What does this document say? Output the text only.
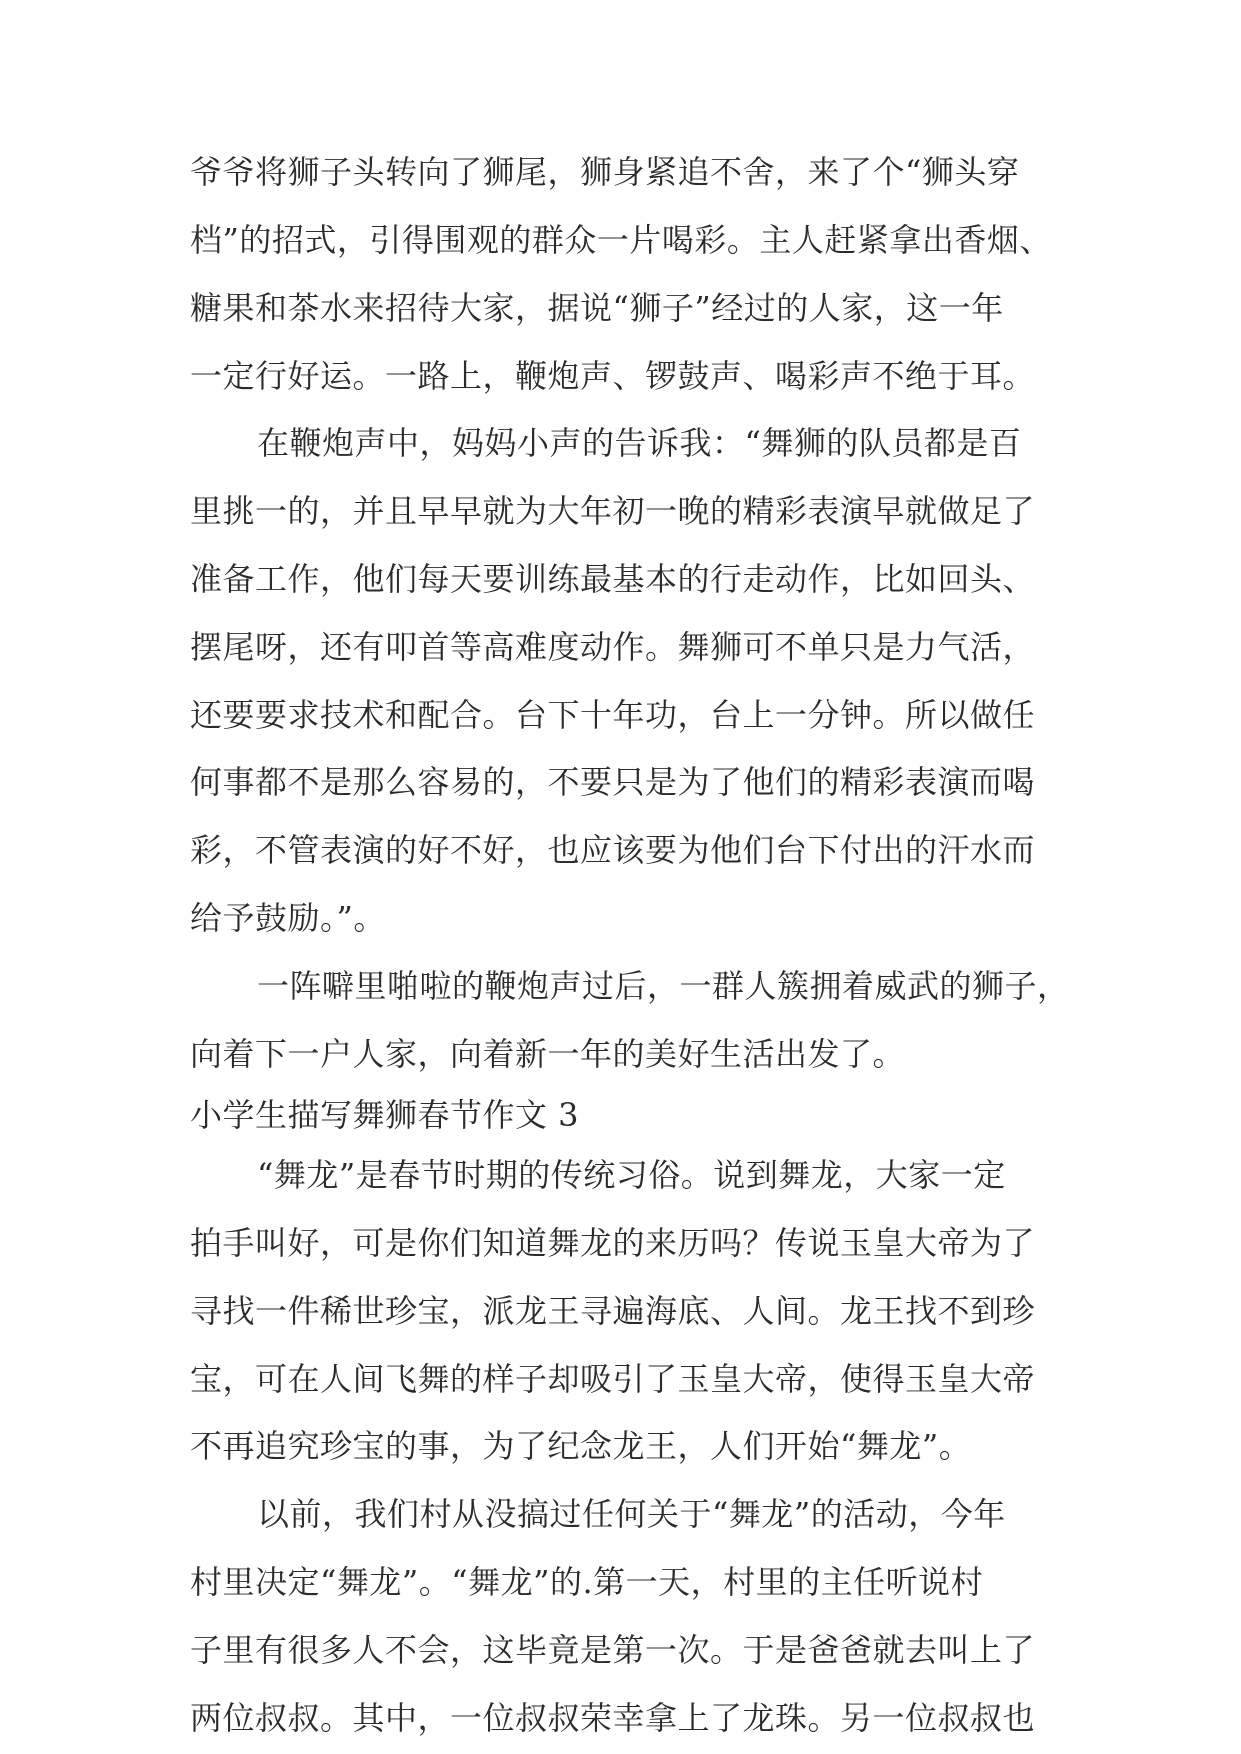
爷爷将狮子头转向了狮尾，狮身紧追不舍，来了个“狮头穿
档”的招式，引得围观的群众一片喝彩。主人赶紧拿出香烟、
糖果和茶水来招待大家，据说“狮子”经过的人家，这一年
一定行好运。一路上，鞭炮声、锣鼓声、喝彩声不绝于耳。
在鞭炮声中，妈妈小声的告诉我：“舞狮的队员都是百
里挑一的，并且早早就为大年初一晚的精彩表演早就做足了
准备工作，他们每天要训练最基本的行走动作，比如回头、
摆尾呀，还有叩首等高难度动作。舞狮可不单只是力气活，
还要要求技术和配合。台下十年功，台上一分钟。所以做任
何事都不是那么容易的，不要只是为了他们的精彩表演而喝
彩，不管表演的好不好，也应该要为他们台下付出的汗水而
给予鼓励。”。
一阵噼里啪啦的鞭炮声过后，一群人簇拥着威武的狮子，
向着下一户人家，向着新一年的美好生活出发了。
小学生描写舞狮春节作文 3
“舞龙”是春节时期的传统习俗。说到舞龙，大家一定
拍手叫好，可是你们知道舞龙的来历吗？传说玉皇大帝为了
寻找一件稀世珍宝，派龙王寻遍海底、人间。龙王找不到珍
宝，可在人间飞舞的样子却吸引了玉皇大帝，使得玉皇大帝
不再追究珍宝的事，为了纪念龙王，人们开始“舞龙”。
以前，我们村从没搞过任何关于“舞龙”的活动，今年
村里决定“舞龙”。“舞龙”的.第一天，村里的主任听说村
子里有很多人不会，这毕竟是第一次。于是爸爸就去叫上了
两位叔叔。其中，一位叔叔荣幸拿上了龙珠。另一位叔叔也
